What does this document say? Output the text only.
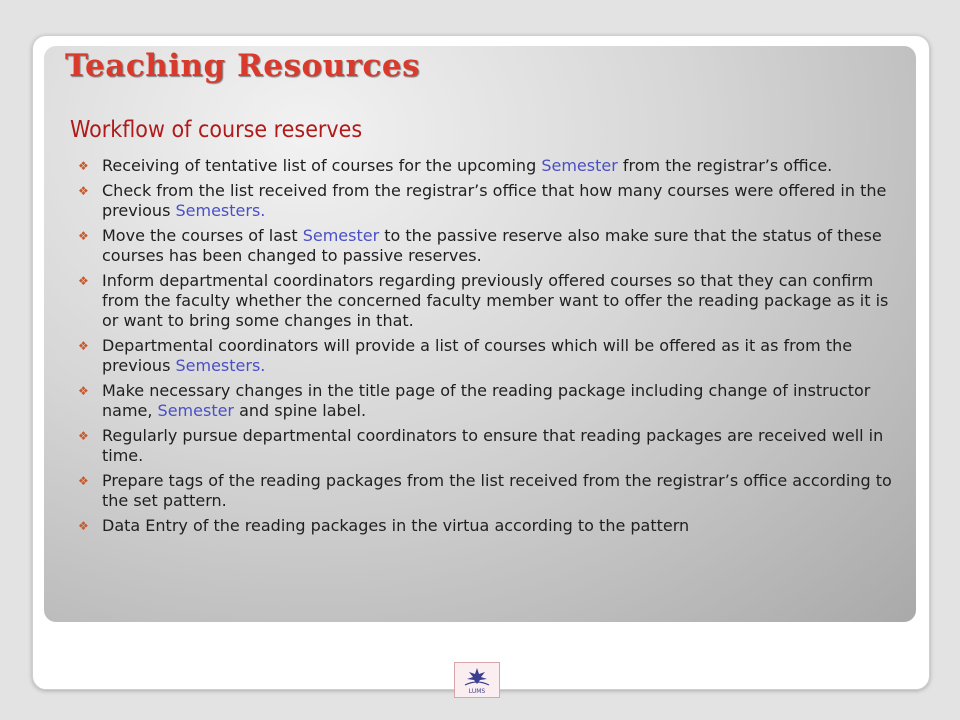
Teaching Resources
Workflow of course reserves
❖ Receiving of tentative list of courses for the upcoming Semester from the registrar’s office.
❖ Check from the list received from the registrar’s office that how many courses were offered in the previous Semesters.
❖ Move the courses of last Semester to the passive reserve also make sure that the status of these courses has been changed to passive reserves.
❖ Inform departmental coordinators regarding previously offered courses so that they can confirm from the faculty whether the concerned faculty member want to offer the reading package as it is or want to bring some changes in that.
❖ Departmental coordinators will provide a list of courses which will be offered as it as from the previous Semesters.
❖ Make necessary changes in the title page of the reading package including change of instructor name, Semester and spine label.
❖ Regularly pursue departmental coordinators to ensure that reading packages are received well in time.
❖ Prepare tags of the reading packages from the list received from the registrar’s office according to the set pattern.
❖ Data Entry of the reading packages in the virtua according to the pattern
LUMS
